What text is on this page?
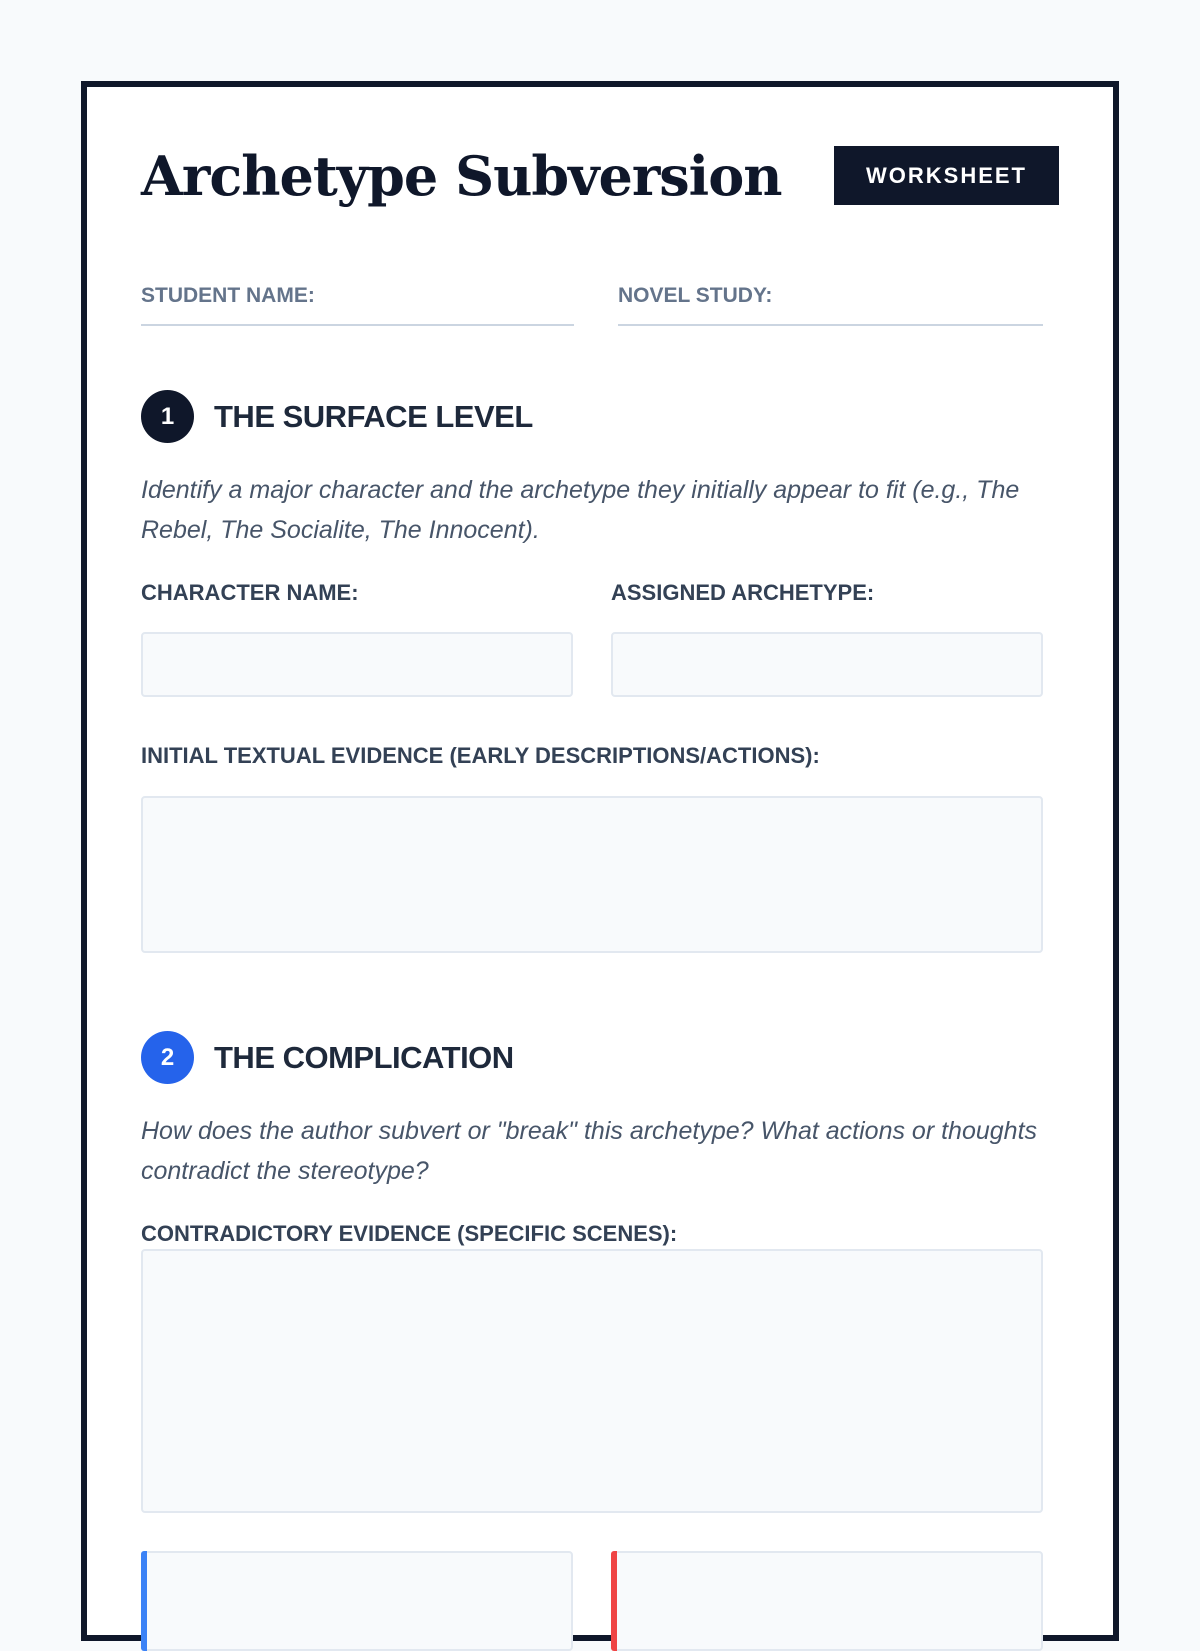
Archetype Subversion	WORKSHEET
STUDENT NAME:	NOVEL STUDY:
1	THE SURFACE LEVEL

Identify a major character and the archetype they initially appear to fit (e.g., The Rebel, The Socialite, The Innocent).

CHARACTER NAME:	ASSIGNED ARCHETYPE:
INITIAL TEXTUAL EVIDENCE (EARLY DESCRIPTIONS/ACTIONS):
2	THE COMPLICATION

How does the author subvert or "break" this archetype? What actions or thoughts contradict the stereotype?

CONTRADICTORY EVIDENCE (SPECIFIC SCENES):
